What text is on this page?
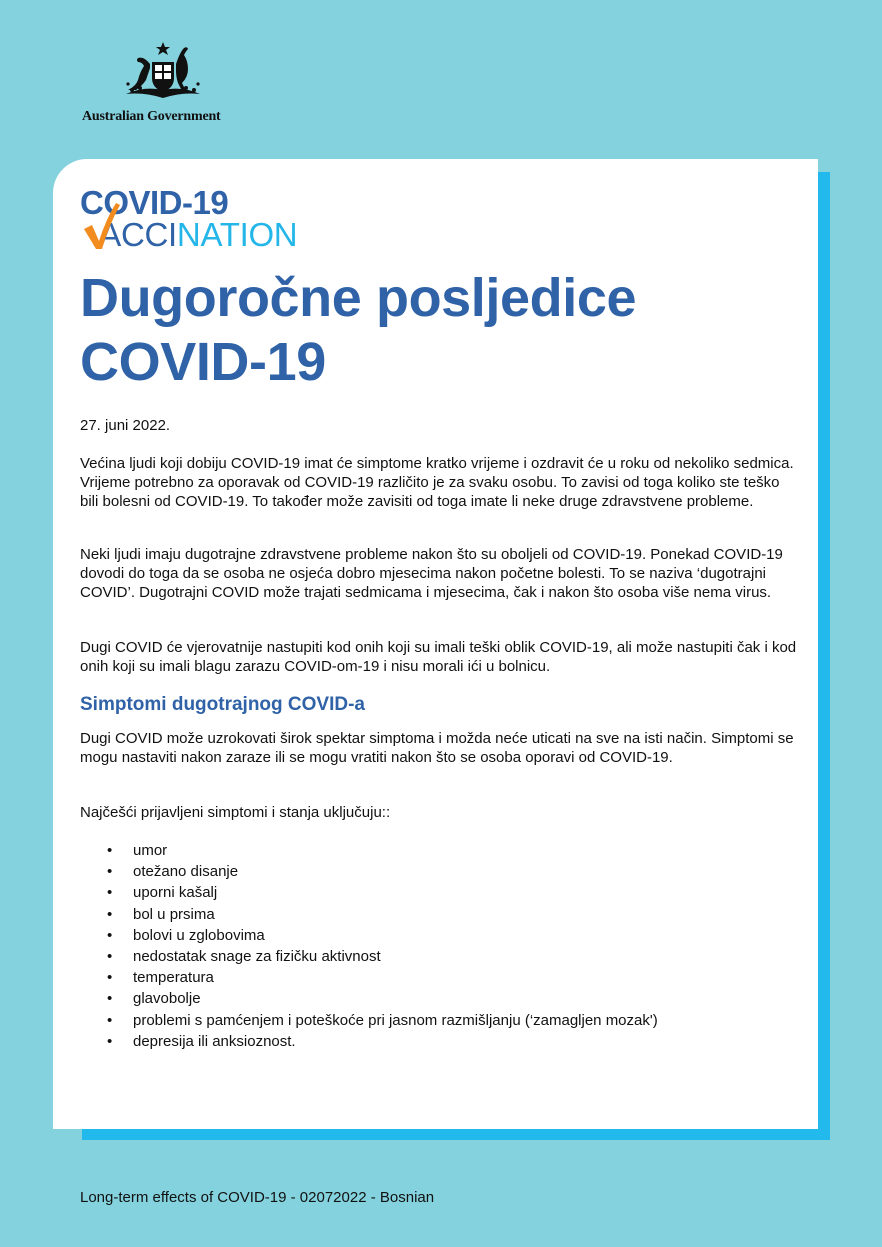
Australian Government
COVID-19
ACCINATION
Dugoročne posljedice COVID-19

27. juni 2022.

Većina ljudi koji dobiju COVID-19 imat će simptome kratko vrijeme i ozdravit će u roku od nekoliko sedmica. Vrijeme potrebno za oporavak od COVID-19 različito je za svaku osobu. To zavisi od toga koliko ste teško bili bolesni od COVID-19. To također može zavisiti od toga imate li neke druge zdravstvene probleme.

Neki ljudi imaju dugotrajne zdravstvene probleme nakon što su oboljeli od COVID-19. Ponekad COVID-19 dovodi do toga da se osoba ne osjeća dobro mjesecima nakon početne bolesti. To se naziva ‘dugotrajni COVID’. Dugotrajni COVID može trajati sedmicama i mjesecima, čak i nakon što osoba više nema virus.

Dugi COVID će vjerovatnije nastupiti kod onih koji su imali teški oblik COVID-19, ali može nastupiti čak i kod onih koji su imali blagu zarazu COVID-om-19 i nisu morali ići u bolnicu.

Simptomi dugotrajnog COVID-a

Dugi COVID može uzrokovati širok spektar simptoma i možda neće uticati na sve na isti način. Simptomi se mogu nastaviti nakon zaraze ili se mogu vratiti nakon što se osoba oporavi od COVID-19.

Najčešći prijavljeni simptomi i stanja uključuju::

• umor
• otežano disanje
• uporni kašalj
• bol u prsima
• bolovi u zglobovima
• nedostatak snage za fizičku aktivnost
• temperatura
• glavobolje
• problemi s pamćenjem i poteškoće pri jasnom razmišljanju (‘zamagljen mozak')
• depresija ili anksioznost.
Long-term effects of COVID-19 - 02072022 - Bosnian
